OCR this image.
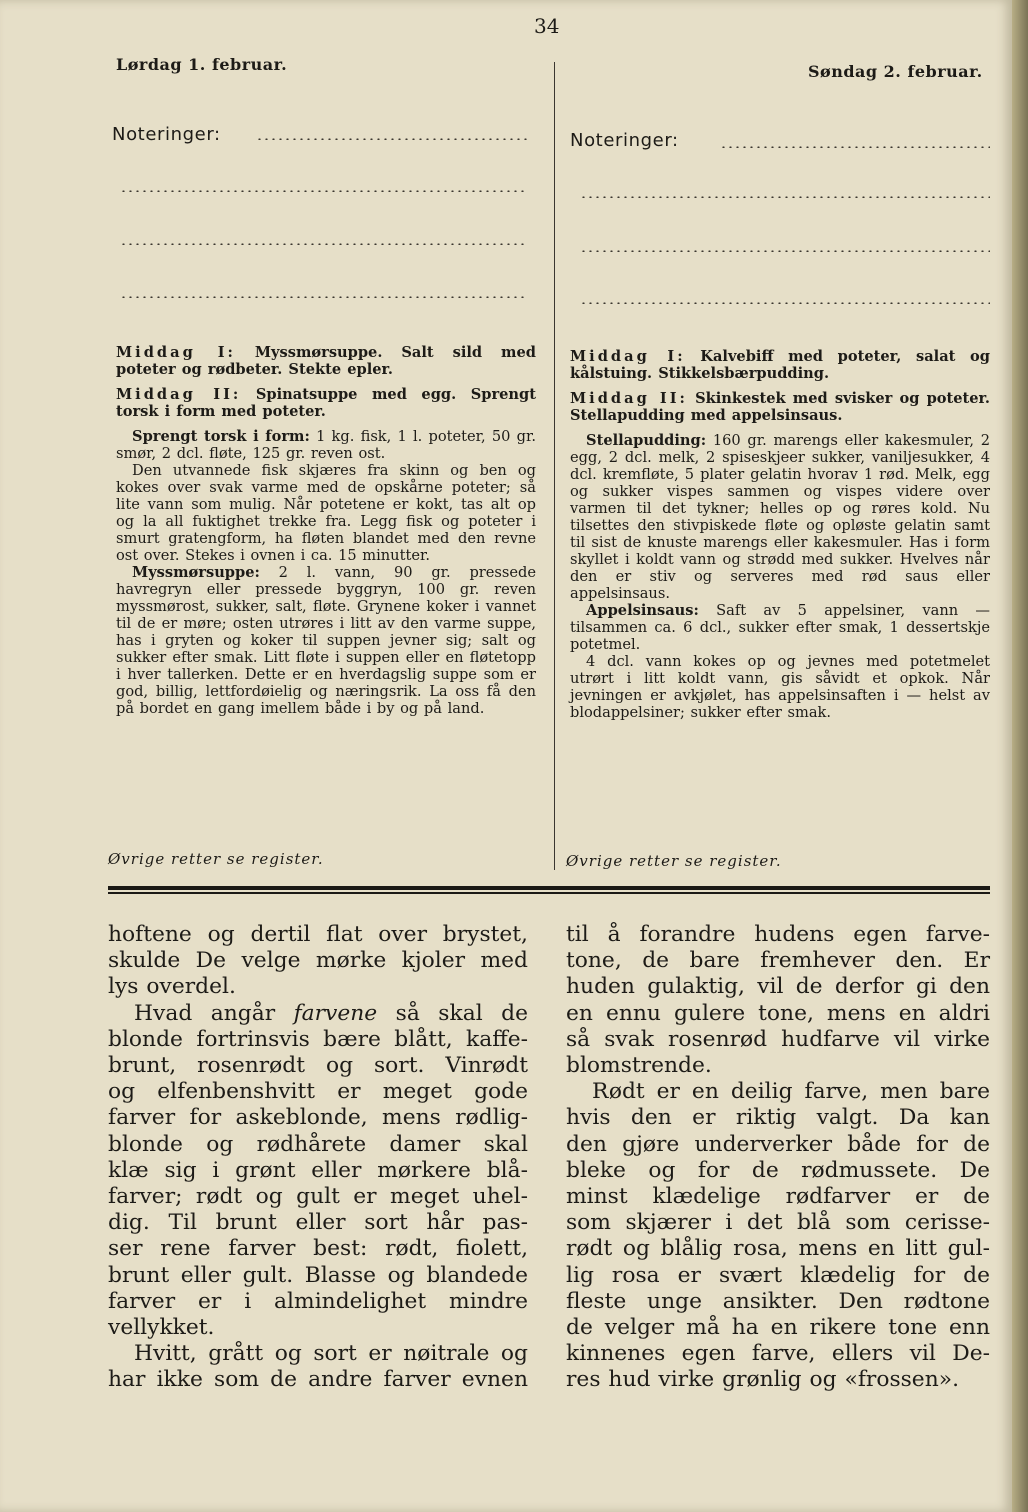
34
Lørdag 1. februar.
Noteringer:

Middag I: Myssmørsuppe. Salt sild med poteter og rødbeter. Stekte epler.

Middag II: Spinatsuppe med egg. Sprengt torsk i form med poteter.

Sprengt torsk i form: 1 kg. fisk, 1 l. poteter, 50 gr. smør, 2 dcl. fløte, 125 gr. reven ost.

Den utvannede fisk skjæres fra skinn og ben og kokes over svak varme med de opskårne poteter; så lite vann som mulig. Når potetene er kokt, tas alt op og la all fuktighet trekke fra. Legg fisk og poteter i smurt gratengform, ha fløten blandet med den revne ost over. Stekes i ovnen i ca. 15 minutter.

Myssmørsuppe: 2 l. vann, 90 gr. pressede havregryn eller pressede byggryn, 100 gr. reven myssmørost, sukker, salt, fløte. Grynene koker i vannet til de er møre; osten utrøres i litt av den varme suppe, has i gryten og koker til suppen jevner sig; salt og sukker efter smak. Litt fløte i suppen eller en fløtetopp i hver tallerken. Dette er en hverdagslig suppe som er god, billig, lettfordøielig og næringsrik. La oss få den på bordet en gang imellem både i by og på land.

Øvrige retter se register.
Søndag 2. februar.
Noteringer:

Middag I: Kalvebiff med poteter, salat og kålstuing. Stikkelsbærpudding.

Middag II: Skinkestek med svisker og poteter. Stellapudding med appelsinsaus.

Stellapudding: 160 gr. marengs eller kakesmuler, 2 egg, 2 dcl. melk, 2 spiseskjeer sukker, vaniljesukker, 4 dcl. kremfløte, 5 plater gelatin hvorav 1 rød. Melk, egg og sukker vispes sammen og vispes videre over varmen til det tykner; helles op og røres kold. Nu tilsettes den stivpiskede fløte og opløste gelatin samt til sist de knuste marengs eller kakesmuler. Has i form skyllet i koldt vann og strødd med sukker. Hvelves når den er stiv og serveres med rød saus eller appelsinsaus.

Appelsinsaus: Saft av 5 appelsiner, vann — tilsammen ca. 6 dcl., sukker efter smak, 1 dessertskje potetmel.

4 dcl. vann kokes op og jevnes med potetmelet utrørt i litt koldt vann, gis såvidt et opkok. Når jevningen er avkjølet, has appelsinsaften i — helst av blodappelsiner; sukker efter smak.

Øvrige retter se register.
hoftene og dertil flat over brystet,
skulde De velge mørke kjoler med
lys overdel.
Hvad angår farvene så skal de
blonde fortrinsvis bære blått, kaffe-
brunt, rosenrødt og sort. Vinrødt
og elfenbenshvitt er meget gode
farver for askeblonde, mens rødlig-
blonde og rødhårete damer skal
klæ sig i grønt eller mørkere blå-
farver; rødt og gult er meget uhel-
dig. Til brunt eller sort hår pas-
ser rene farver best: rødt, fiolett,
brunt eller gult. Blasse og blandede
farver er i almindelighet mindre
vellykket.
Hvitt, grått og sort er nøitrale og
har ikke som de andre farver evnen
til å forandre hudens egen farve-
tone, de bare fremhever den. Er
huden gulaktig, vil de derfor gi den
en ennu gulere tone, mens en aldri
så svak rosenrød hudfarve vil virke
blomstrende.
Rødt er en deilig farve, men bare
hvis den er riktig valgt. Da kan
den gjøre underverker både for de
bleke og for de rødmussete. De
minst klædelige rødfarver er de
som skjærer i det blå som cerisse-
rødt og blålig rosa, mens en litt gul-
lig rosa er svært klædelig for de
fleste unge ansikter. Den rødtone
de velger må ha en rikere tone enn
kinnenes egen farve, ellers vil De-
res hud virke grønlig og «frossen».
